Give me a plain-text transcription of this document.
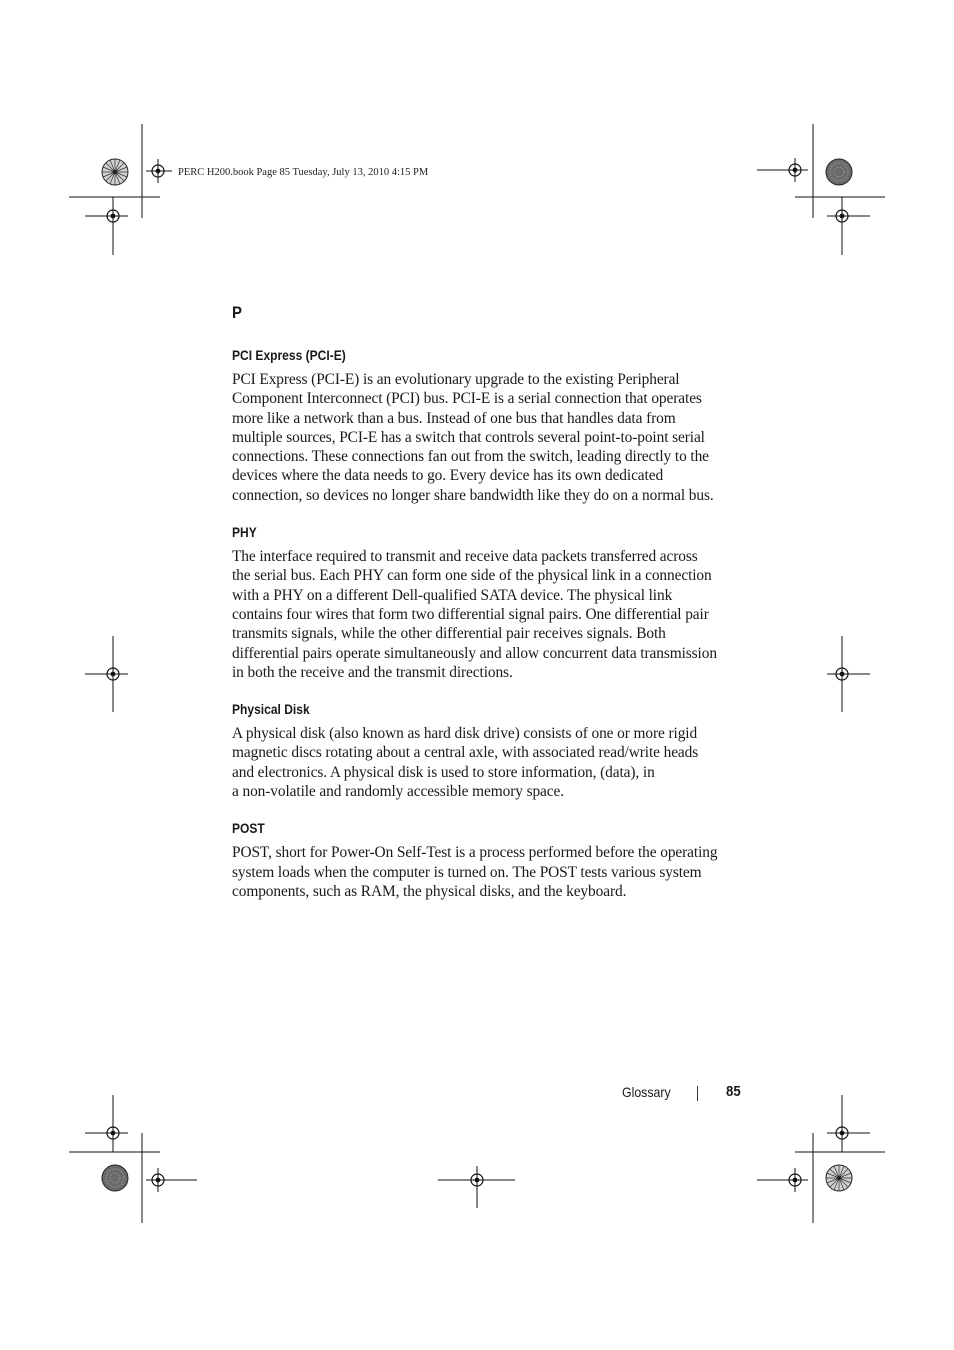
PERC H200.book Page 85 Tuesday, July 13, 2010 4:15 PM
P
PCI Express (PCI-E)

PCI Express (PCI-E) is an evolutionary upgrade to the existing Peripheral
Component Interconnect (PCI) bus. PCI-E is a serial connection that operates
more like a network than a bus. Instead of one bus that handles data from
multiple sources, PCI-E has a switch that controls several point-to-point serial
connections. These connections fan out from the switch, leading directly to the
devices where the data needs to go. Every device has its own dedicated
connection, so devices no longer share bandwidth like they do on a normal bus.

PHY

The interface required to transmit and receive data packets transferred across
the serial bus. Each PHY can form one side of the physical link in a connection
with a PHY on a different Dell-qualified SATA device. The physical link
contains four wires that form two differential signal pairs. One differential pair
transmits signals, while the other differential pair receives signals. Both
differential pairs operate simultaneously and allow concurrent data transmission
in both the receive and the transmit directions.

Physical Disk

A physical disk (also known as hard disk drive) consists of one or more rigid
magnetic discs rotating about a central axle, with associated read/write heads
and electronics. A physical disk is used to store information, (data), in
a non-volatile and randomly accessible memory space.

POST

POST, short for Power-On Self-Test is a process performed before the operating
system loads when the computer is turned on. The POST tests various system
components, such as RAM, the physical disks, and the keyboard.

Glossary	85
